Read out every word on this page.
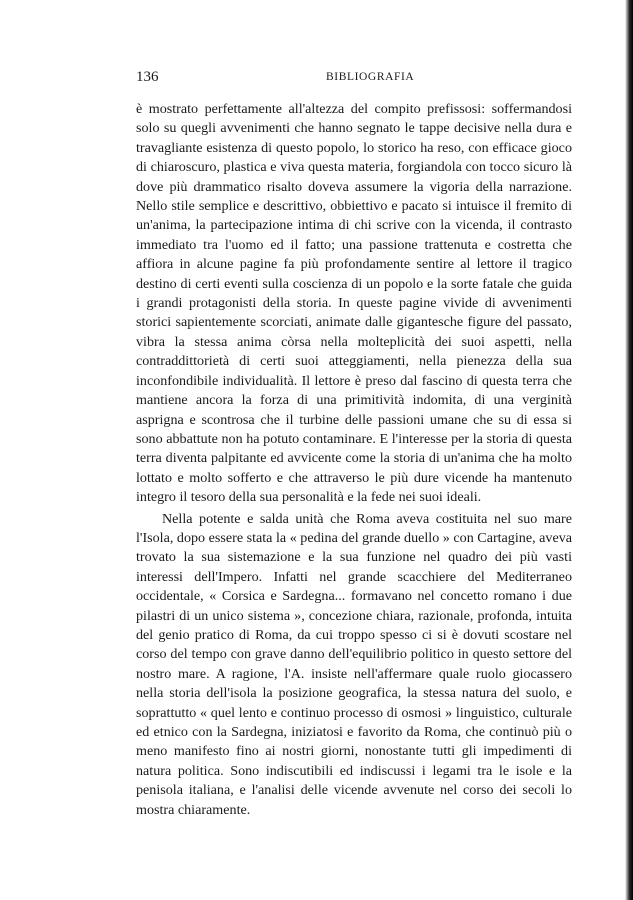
136	BIBLIOGRAFIA

è mostrato perfettamente all'altezza del compito prefissosi: soffermandosi solo su quegli avvenimenti che hanno segnato le tappe decisive nella dura e travagliante esistenza di questo popolo, lo storico ha reso, con efficace gioco di chiaroscuro, plastica e viva questa materia, forgiandola con tocco sicuro là dove più drammatico risalto doveva assumere la vigoria della narrazione. Nello stile semplice e descrittivo, obbiettivo e pacato si intuisce il fremito di un'anima, la partecipazione intima di chi scrive con la vicenda, il contrasto immediato tra l'uomo ed il fatto; una passione trattenuta e costretta che affiora in alcune pagine fa più profondamente sentire al lettore il tragico destino di certi eventi sulla coscienza di un popolo e la sorte fatale che guida i grandi protagonisti della storia. In queste pagine vivide di avvenimenti storici sapientemente scorciati, animate dalle gigantesche figure del passato, vibra la stessa anima còrsa nella molteplicità dei suoi aspetti, nella contraddittorietà di certi suoi atteggiamenti, nella pienezza della sua inconfondibile individualità. Il lettore è preso dal fascino di questa terra che mantiene ancora la forza di una primitività indomita, di una verginità asprigna e scontrosa che il turbine delle passioni umane che su di essa si sono abbattute non ha potuto contaminare. E l'interesse per la storia di questa terra diventa palpitante ed avvicente come la storia di un'anima che ha molto lottato e molto sofferto e che attraverso le più dure vicende ha mantenuto integro il tesoro della sua personalità e la fede nei suoi ideali.

Nella potente e salda unità che Roma aveva costituita nel suo mare l'Isola, dopo essere stata la « pedina del grande duello » con Cartagine, aveva trovato la sua sistemazione e la sua funzione nel quadro dei più vasti interessi dell'Impero. Infatti nel grande scacchiere del Mediterraneo occidentale, « Corsica e Sardegna... formavano nel concetto romano i due pilastri di un unico sistema », concezione chiara, razionale, profonda, intuita del genio pratico di Roma, da cui troppo spesso ci si è dovuti scostare nel corso del tempo con grave danno dell'equilibrio politico in questo settore del nostro mare. A ragione, l'A. insiste nell'affermare quale ruolo giocassero nella storia dell'isola la posizione geografica, la stessa natura del suolo, e soprattutto « quel lento e continuo processo di osmosi » linguistico, culturale ed etnico con la Sardegna, iniziatosi e favorito da Roma, che continuò più o meno manifesto fino ai nostri giorni, nonostante tutti gli impedimenti di natura politica. Sono indiscutibili ed indiscussi i legami tra le isole e la penisola italiana, e l'analisi delle vicende avvenute nel corso dei secoli lo mostra chiaramente.
